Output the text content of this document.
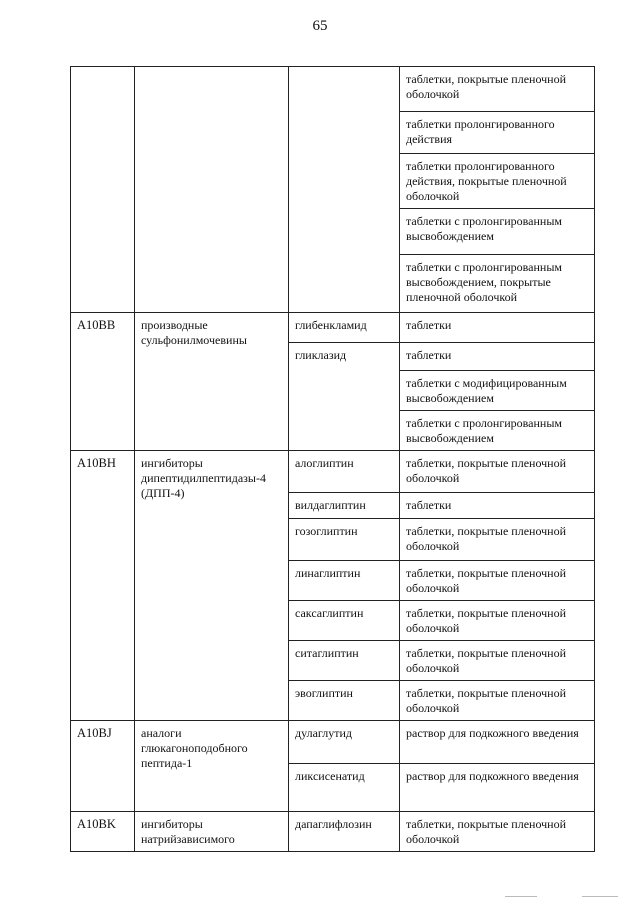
65
			таблетки, покрытые пленочной оболочкой
			таблетки пролонгированного действия
			таблетки пролонгированного действия, покрытые пленочной оболочкой
			таблетки с пролонгированным высвобождением
			таблетки с пролонгированным высвобождением, покрытые пленочной оболочкой
A10BB	производные сульфонилмочевины	глибенкламид	таблетки
		гликлазид	таблетки
			таблетки с модифицированным высвобождением
			таблетки с пролонгированным высвобождением
A10BH	ингибиторы дипептидилпептидазы-4 (ДПП-4)	алоглиптин	таблетки, покрытые пленочной оболочкой
		вилдаглиптин	таблетки
		гозоглиптин	таблетки, покрытые пленочной оболочкой
		линаглиптин	таблетки, покрытые пленочной оболочкой
		саксаглиптин	таблетки, покрытые пленочной оболочкой
		ситаглиптин	таблетки, покрытые пленочной оболочкой
		эвоглиптин	таблетки, покрытые пленочной оболочкой
A10BJ	аналоги глюкагоноподобного пептида-1	дулаглутид	раствор для подкожного введения
		ликсисенатид	раствор для подкожного введения
A10BK	ингибиторы натрийзависимого	дапаглифлозин	таблетки, покрытые пленочной оболочкой
